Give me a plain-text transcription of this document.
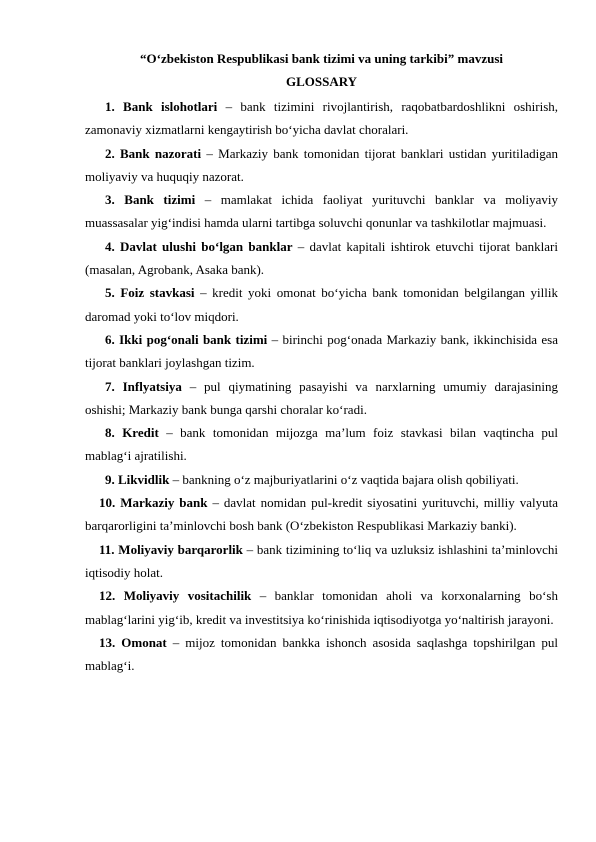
“O‘zbekiston Respublikasi bank tizimi va uning tarkibi” mavzusi
GLOSSARY

1. Bank islohotlari – bank tizimini rivojlantirish, raqobatbardoshlikni oshirish, zamonaviy xizmatlarni kengaytirish bo‘yicha davlat choralari.

2. Bank nazorati – Markaziy bank tomonidan tijorat banklari ustidan yuritiladigan moliyaviy va huquqiy nazorat.

3. Bank tizimi – mamlakat ichida faoliyat yurituvchi banklar va moliyaviy muassasalar yig‘indisi hamda ularni tartibga soluvchi qonunlar va tashkilotlar majmuasi.

4. Davlat ulushi bo‘lgan banklar – davlat kapitali ishtirok etuvchi tijorat banklari (masalan, Agrobank, Asaka bank).

5. Foiz stavkasi – kredit yoki omonat bo‘yicha bank tomonidan belgilangan yillik daromad yoki to‘lov miqdori.

6. Ikki pog‘onali bank tizimi – birinchi pog‘onada Markaziy bank, ikkinchisida esa tijorat banklari joylashgan tizim.

7. Inflyatsiya – pul qiymatining pasayishi va narxlarning umumiy darajasining oshishi; Markaziy bank bunga qarshi choralar ko‘radi.

8. Kredit – bank tomonidan mijozga ma’lum foiz stavkasi bilan vaqtincha pul mablag‘i ajratilishi.

9. Likvidlik – bankning o‘z majburiyatlarini o‘z vaqtida bajara olish qobiliyati.

10. Markaziy bank – davlat nomidan pul-kredit siyosatini yurituvchi, milliy valyuta barqarorligini ta’minlovchi bosh bank (O‘zbekiston Respublikasi Markaziy banki).

11. Moliyaviy barqarorlik – bank tizimining to‘liq va uzluksiz ishlashini ta’minlovchi iqtisodiy holat.

12. Moliyaviy vositachilik – banklar tomonidan aholi va korxonalarning bo‘sh mablag‘larini yig‘ib, kredit va investitsiya ko‘rinishida iqtisodiyotga yo‘naltirish jarayoni.

13. Omonat – mijoz tomonidan bankka ishonch asosida saqlashga topshirilgan pul mablag‘i.
